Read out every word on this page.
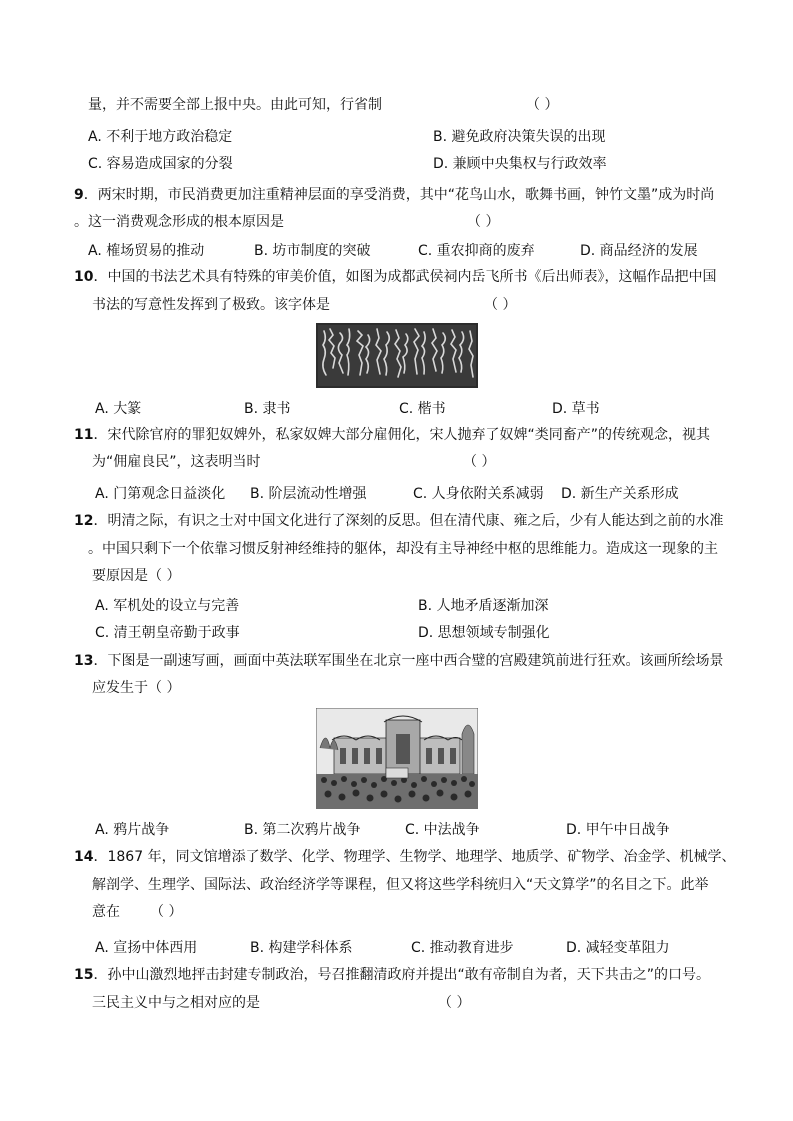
量，并不需要全部上报中央。由此可知，行省制	（ ）
A. 不利于地方政治稳定	B. 避免政府决策失误的出现
C. 容易造成国家的分裂	D. 兼顾中央集权与行政效率
9．两宋时期，市民消费更加注重精神层面的享受消费，其中“花鸟山水，歌舞书画，钟竹文墨”成为时尚
。这一消费观念形成的根本原因是	（ ）
A. 榷场贸易的推动	B. 坊市制度的突破	C. 重农抑商的废弃	D. 商品经济的发展
10．中国的书法艺术具有特殊的审美价值，如图为成都武侯祠内岳飞所书《后出师表》，这幅作品把中国
书法的写意性发挥到了极致。该字体是	（ ）
A. 大篆	B. 隶书	C. 楷书	D. 草书
11．宋代除官府的罪犯奴婢外，私家奴婢大部分雇佣化，宋人抛弃了奴婢“类同畜产”的传统观念，视其
为“佣雇良民”，这表明当时	（ ）
A. 门第观念日益淡化 B. 阶层流动性增强	C. 人身依附关系减弱 D. 新生产关系形成
12．明清之际，有识之士对中国文化进行了深刻的反思。但在清代康、雍之后，少有人能达到之前的水准
。中国只剩下一个依靠习惯反射神经维持的躯体，却没有主导神经中枢的思维能力。造成这一现象的主
要原因是（ ）
A. 军机处的设立与完善	B. 人地矛盾逐渐加深
C. 清王朝皇帝勤于政事	D. 思想领域专制强化
13．下图是一副速写画，画面中英法联军围坐在北京一座中西合璧的宫殿建筑前进行狂欢。该画所绘场景
应发生于（ ）
A. 鸦片战争	B. 第二次鸦片战争	C. 中法战争	D. 甲午中日战争
14．1867 年，同文馆增添了数学、化学、物理学、生物学、地理学、地质学、矿物学、冶金学、机械学、
解剖学、生理学、国际法、政治经济学等课程，但又将这些学科统归入“天文算学”的名目之下。此举
意在 （ ）
A. 宣扬中体西用	B. 构建学科体系	C. 推动教育进步	D. 减轻变革阻力
15．孙中山激烈地抨击封建专制政治，号召推翻清政府并提出“敢有帝制自为者，天下共击之”的口号。
三民主义中与之相对应的是	（ ）
